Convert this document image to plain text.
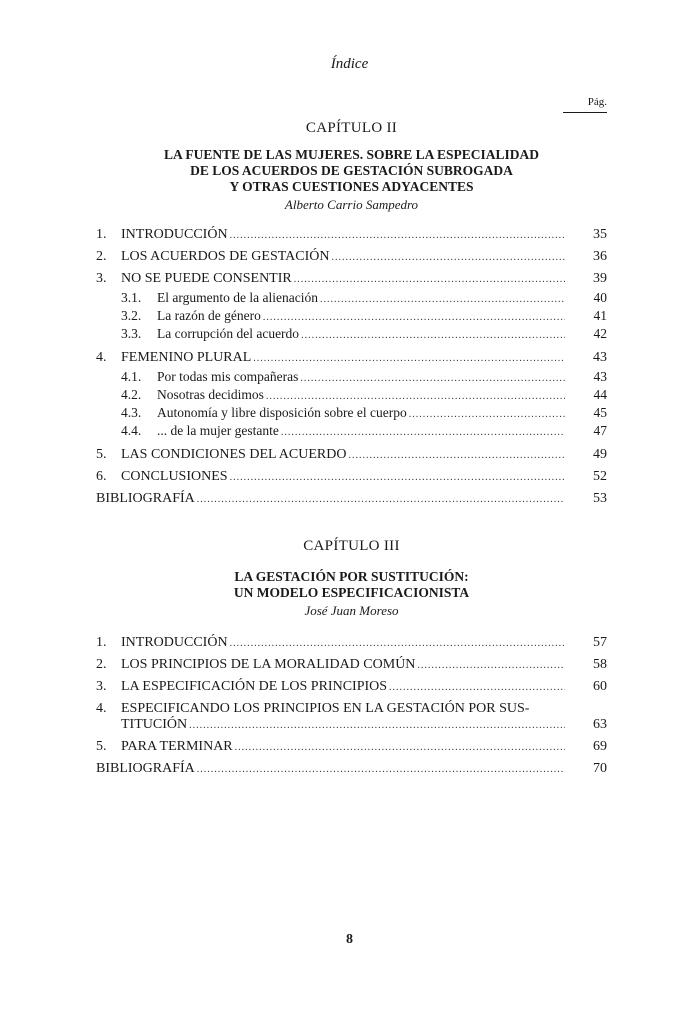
Índice
Pág.
CAPÍTULO II
LA FUENTE DE LAS MUJERES. SOBRE LA ESPECIALIDAD
DE LOS ACUERDOS DE GESTACIÓN SUBROGADA
Y OTRAS CUESTIONES ADYACENTES
Alberto Carrio Sampedro
1.	INTRODUCCIÓN .....	35
2.	LOS ACUERDOS DE GESTACIÓN .....	36
3.	NO SE PUEDE CONSENTIR .....	39
3.1.	El argumento de la alienación .....	40
3.2.	La razón de género .....	41
3.3.	La corrupción del acuerdo .....	42
4.	FEMENINO PLURAL .....	43
4.1.	Por todas mis compañeras .....	43
4.2.	Nosotras decidimos .....	44
4.3.	Autonomía y libre disposición sobre el cuerpo .....	45
4.4.	... de la mujer gestante .....	47
5.	LAS CONDICIONES DEL ACUERDO .....	49
6.	CONCLUSIONES .....	52
BIBLIOGRAFÍA .....	53
CAPÍTULO III
LA GESTACIÓN POR SUSTITUCIÓN:
UN MODELO ESPECIFICACIONISTA
José Juan Moreso
1.	INTRODUCCIÓN .....	57
2.	LOS PRINCIPIOS DE LA MORALIDAD COMÚN .....	58
3.	LA ESPECIFICACIÓN DE LOS PRINCIPIOS .....	60
4.	ESPECIFICANDO LOS PRINCIPIOS EN LA GESTACIÓN POR SUS-
TITUCIÓN .....	63
5.	PARA TERMINAR .....	69
BIBLIOGRAFÍA .....	70
8
